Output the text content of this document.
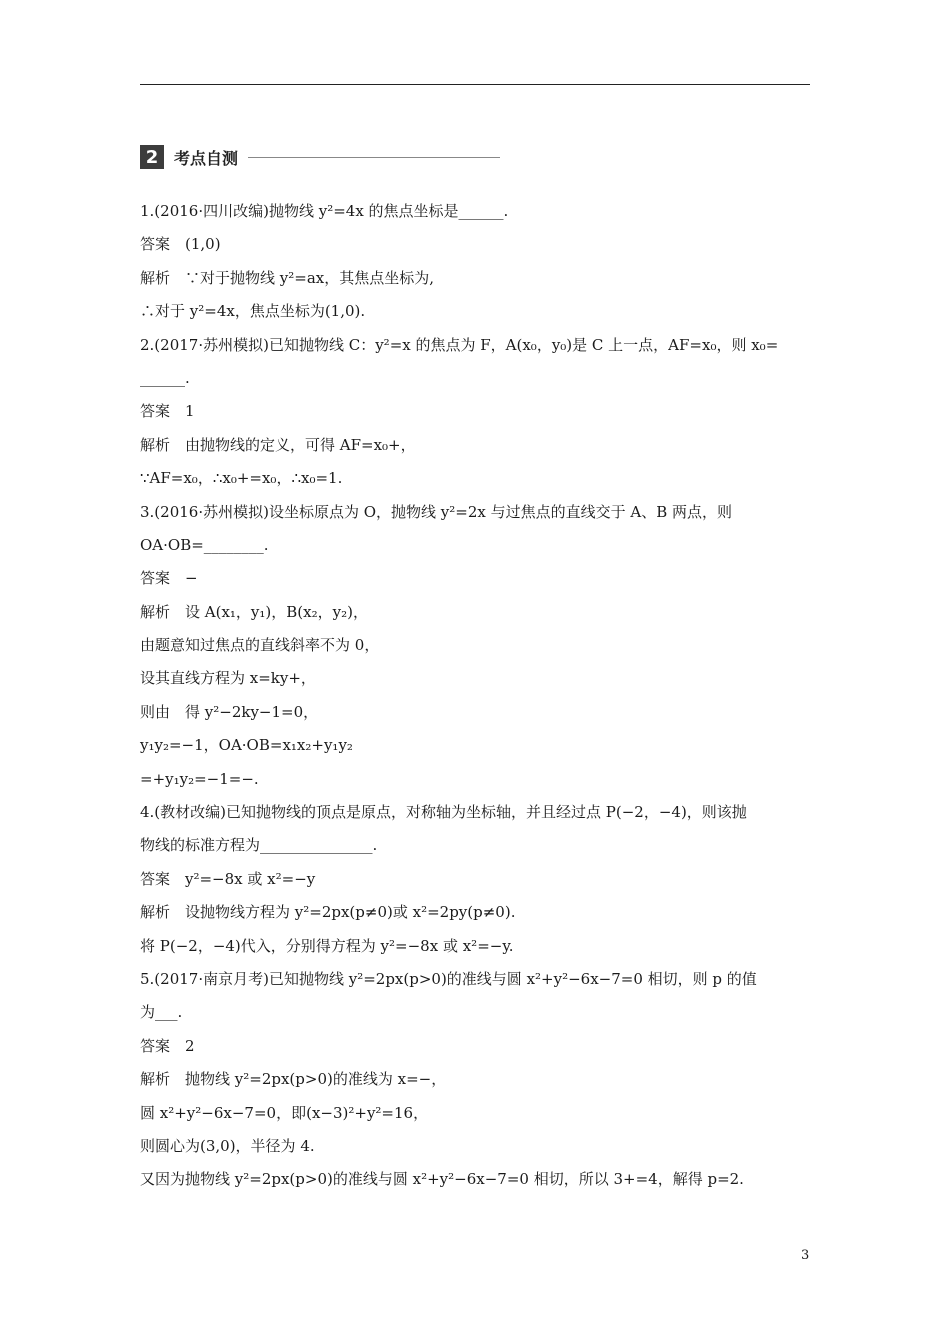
2 考点自测
1.(2016·四川改编)抛物线 y²=4x 的焦点坐标是______.
答案　(1,0)
解析　∵对于抛物线 y²=ax，其焦点坐标为,
∴对于 y²=4x，焦点坐标为(1,0).
2.(2017·苏州模拟)已知抛物线 C：y²=x 的焦点为 F，A(x₀，y₀)是 C 上一点，AF=x₀，则 x₀=
______.
答案　1
解析　由抛物线的定义，可得 AF=x₀+，
∵AF=x₀，∴x₀+=x₀，∴x₀=1.
3.(2016·苏州模拟)设坐标原点为 O，抛物线 y²=2x 与过焦点的直线交于 A、B 两点，则
OA·OB=________.
答案　−
解析　设 A(x₁，y₁)，B(x₂，y₂)，
由题意知过焦点的直线斜率不为 0，
设其直线方程为 x=ky+，
则由　得 y²−2ky−1=0，
y₁y₂=−1，OA·OB=x₁x₂+y₁y₂
=+y₁y₂=−1=−.
4.(教材改编)已知抛物线的顶点是原点，对称轴为坐标轴，并且经过点 P(−2，−4)，则该抛
物线的标准方程为_______________.
答案　y²=−8x 或 x²=−y
解析　设抛物线方程为 y²=2px(p≠0)或 x²=2py(p≠0).
将 P(−2，−4)代入，分别得方程为 y²=−8x 或 x²=−y.
5.(2017·南京月考)已知抛物线 y²=2px(p>0)的准线与圆 x²+y²−6x−7=0 相切，则 p 的值
为___.
答案　2
解析　抛物线 y²=2px(p>0)的准线为 x=−，
圆 x²+y²−6x−7=0，即(x−3)²+y²=16，
则圆心为(3,0)，半径为 4.
又因为抛物线 y²=2px(p>0)的准线与圆 x²+y²−6x−7=0 相切，所以 3+=4，解得 p=2.
3
